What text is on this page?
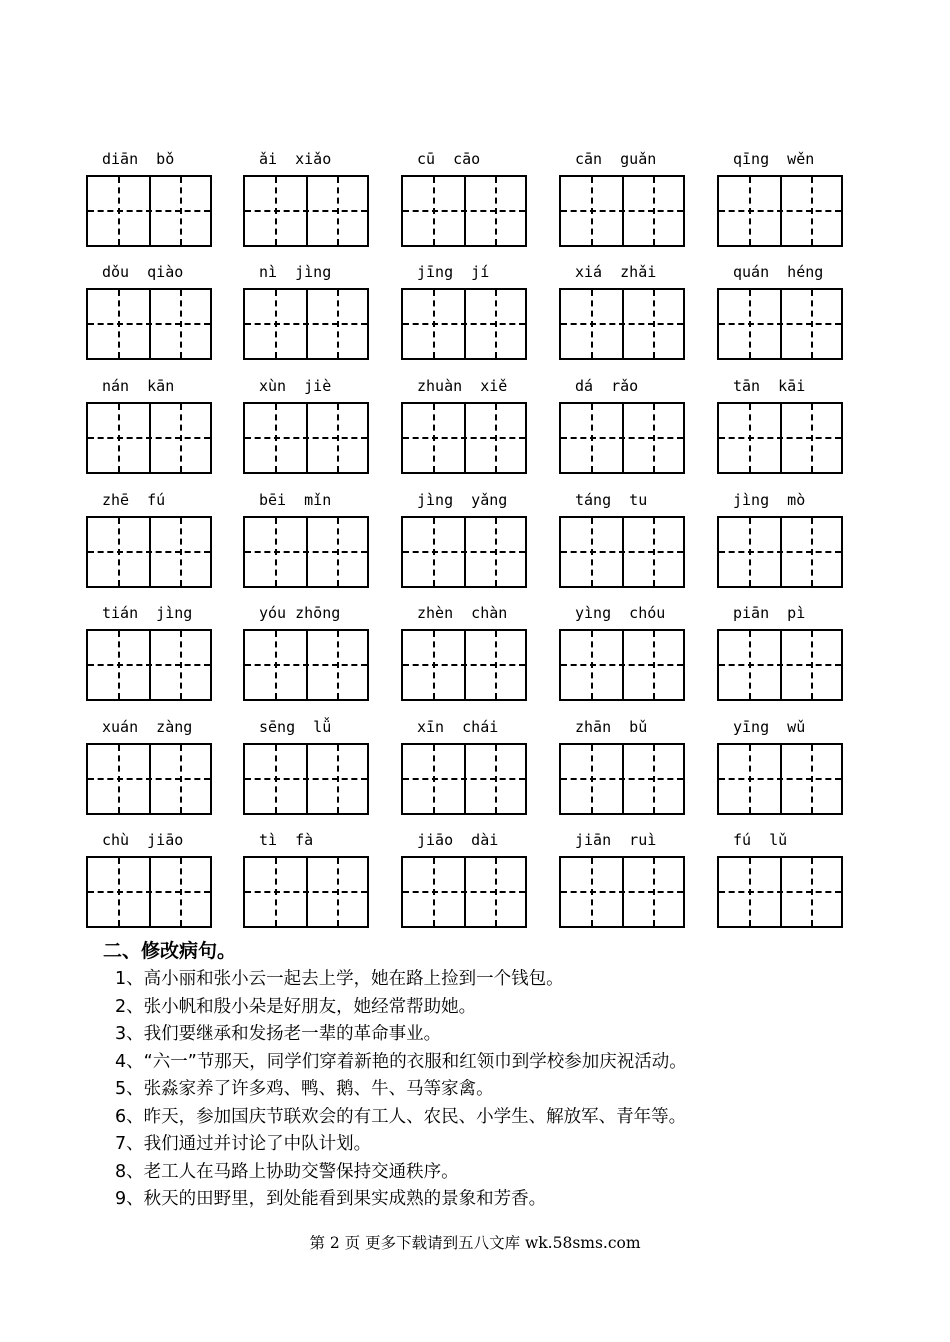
diān  bǒ	ǎi  xiǎo	cū  cāo	cān  guǎn	qīng  wěn
dǒu  qiào	nì  jìng	jīng  jí	xiá  zhǎi	quán  héng
nán  kān	xùn  jiè	zhuàn  xiě	dá  rǎo	tān  kāi
zhē  fú	bēi  mǐn	jìng  yǎng	táng  tu	jìng  mò
tián  jìng	yóu zhōng	zhèn  chàn	yìng  chóu	piān  pì
xuán  zàng	sēng  lǚ	xīn  chái	zhān  bǔ	yīng  wǔ
chù  jiāo	tì  fà	jiāo  dài	jiān  ruì	fú  lǔ
二、修改病句。
1、高小丽和张小云一起去上学，她在路上捡到一个钱包。
2、张小帆和殷小朵是好朋友，她经常帮助她。
3、我们要继承和发扬老一辈的革命事业。
4、“六一”节那天，同学们穿着新艳的衣服和红领巾到学校参加庆祝活动。
5、张淼家养了许多鸡、鸭、鹅、牛、马等家禽。
6、昨天，参加国庆节联欢会的有工人、农民、小学生、解放军、青年等。
7、我们通过并讨论了中队计划。
8、老工人在马路上协助交警保持交通秩序。
9、秋天的田野里，到处能看到果实成熟的景象和芳香。
第 2 页 更多下载请到五八文库 wk.58sms.com
